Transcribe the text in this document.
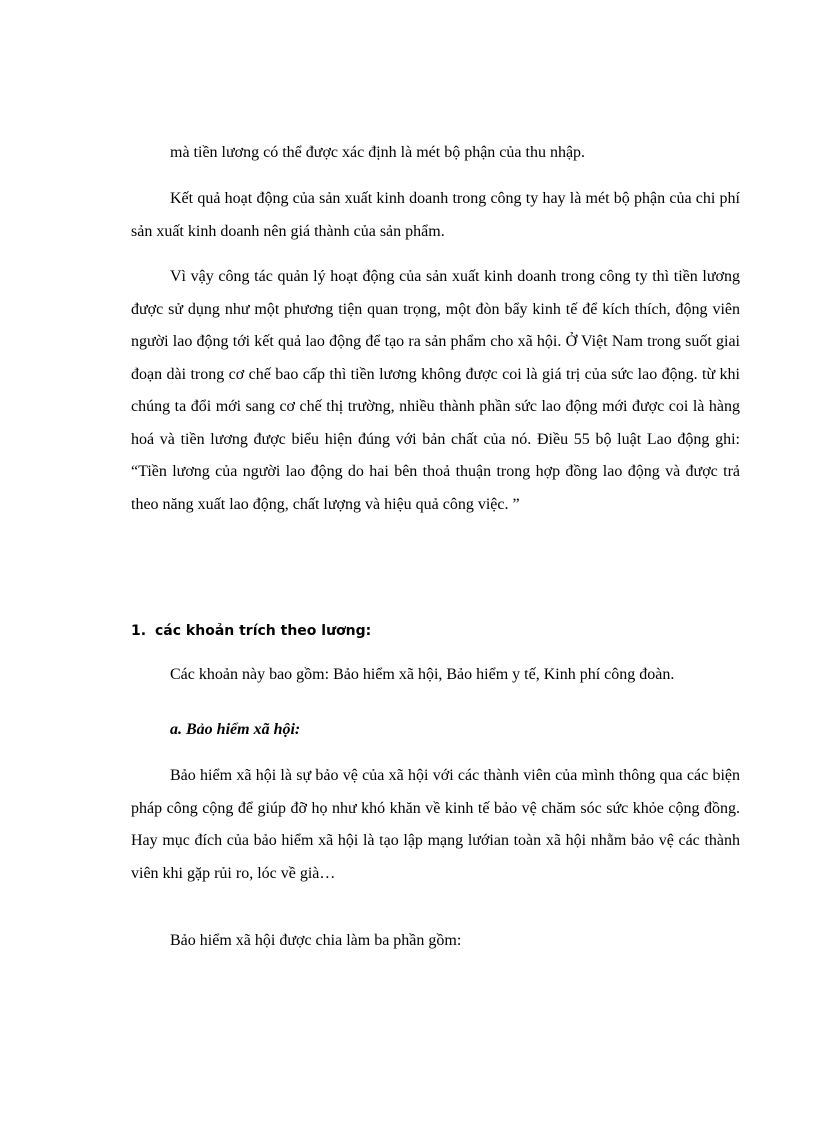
mà tiền lương có thể được xác định là mét bộ phận của thu nhập.

Kết quả hoạt động của sản xuất kinh doanh trong công ty hay là mét bộ phận của chi phí sản xuất kinh doanh nên giá thành của sản phẩm.

Vì vậy công tác quản lý hoạt động của sản xuất kinh doanh trong công ty thì tiền lương được sử dụng như một phương tiện quan trọng, một đòn bẩy kinh tế để kích thích, động viên người lao động tới kết quả lao động để tạo ra sản phẩm cho xã hội. Ở Việt Nam trong suốt giai đoạn dài trong cơ chế bao cấp thì tiền lương không được coi là giá trị của sức lao động. từ khi chúng ta đổi mới sang cơ chế thị trường, nhiều thành phần sức lao động mới được coi là hàng hoá và tiền lương được biểu hiện đúng với bản chất của nó. Điều 55 bộ luật Lao động ghi: “Tiền lương của người lao động do hai bên thoả thuận trong hợp đồng lao động và được trả theo năng xuất lao động, chất lượng và hiệu quả công việc. ”

1. các khoản trích theo lương:

Các khoản này bao gồm: Bảo hiểm xã hội, Bảo hiểm y tế, Kinh phí công đoàn.

a. Bảo hiểm xã hội:

Bảo hiểm xã hội là sự bảo vệ của xã hội với các thành viên của mình thông qua các biện pháp công cộng để giúp đỡ họ như khó khăn về kinh tế bảo vệ chăm sóc sức khỏe cộng đồng. Hay mục đích của bảo hiểm xã hội là tạo lập mạng lướian toàn xã hội nhằm bảo vệ các thành viên khi gặp rủi ro, lóc về già…

Bảo hiểm xã hội được chia làm ba phần gồm:
